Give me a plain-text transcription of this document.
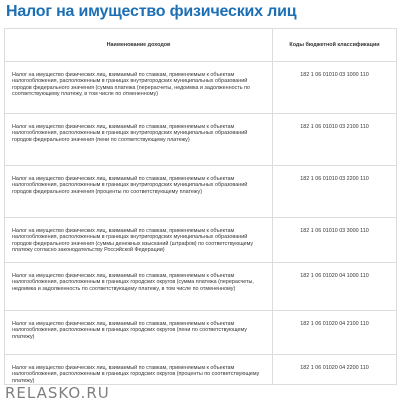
Налог на имущество физических лиц
Наименование доходов	Коды бюджетной классификации
Налог на имущество физических лиц, взимаемый по ставкам, применяемым к объектам налогообложения, расположенным в границах внутригородских муниципальных образований городов федерального значения (сумма платежа (перерасчеты, недоимка и задолженность по соответствующему платежу, в том числе по отмененному)	182 1 06 01010 03 1000 110
Налог на имущество физических лиц, взимаемый по ставкам, применяемым к объектам налогообложения, расположенным в границах внутригородских муниципальных образований городов федерального значения (пени по соответствующему платежу)	182 1 06 01010 03 2100 110
Налог на имущество физических лиц, взимаемый по ставкам, применяемым к объектам налогообложения, расположенным в границах внутригородских муниципальных образований городов федерального значения (проценты по соответствующему платежу)	182 1 06 01010 03 2200 110
Налог на имущество физических лиц, взимаемый по ставкам, применяемым к объектам налогообложения, расположенным в границах внутригородских муниципальных образований городов федерального значения (суммы денежных взысканий (штрафов) по соответствующему платежу согласно законодательству Российской Федерации)	182 1 06 01010 03 3000 110
Налог на имущество физических лиц, взимаемый по ставкам, применяемым к объектам налогообложения, расположенным в границах городских округов (сумма платежа (перерасчеты, недоимка и задолженность по соответствующему платежу, в том числе по отмененному)	182 1 06 01020 04 1000 110
Налог на имущество физических лиц, взимаемый по ставкам, применяемым к объектам налогообложения, расположенным в границах городских округов (пени по соответствующему платежу)	182 1 06 01020 04 2100 110
Налог на имущество физических лиц, взимаемый по ставкам, применяемым к объектам налогообложения, расположенным в границах городских округов (проценты по соответствующему платежу)	182 1 06 01020 04 2200 110
RELASKO.RU
